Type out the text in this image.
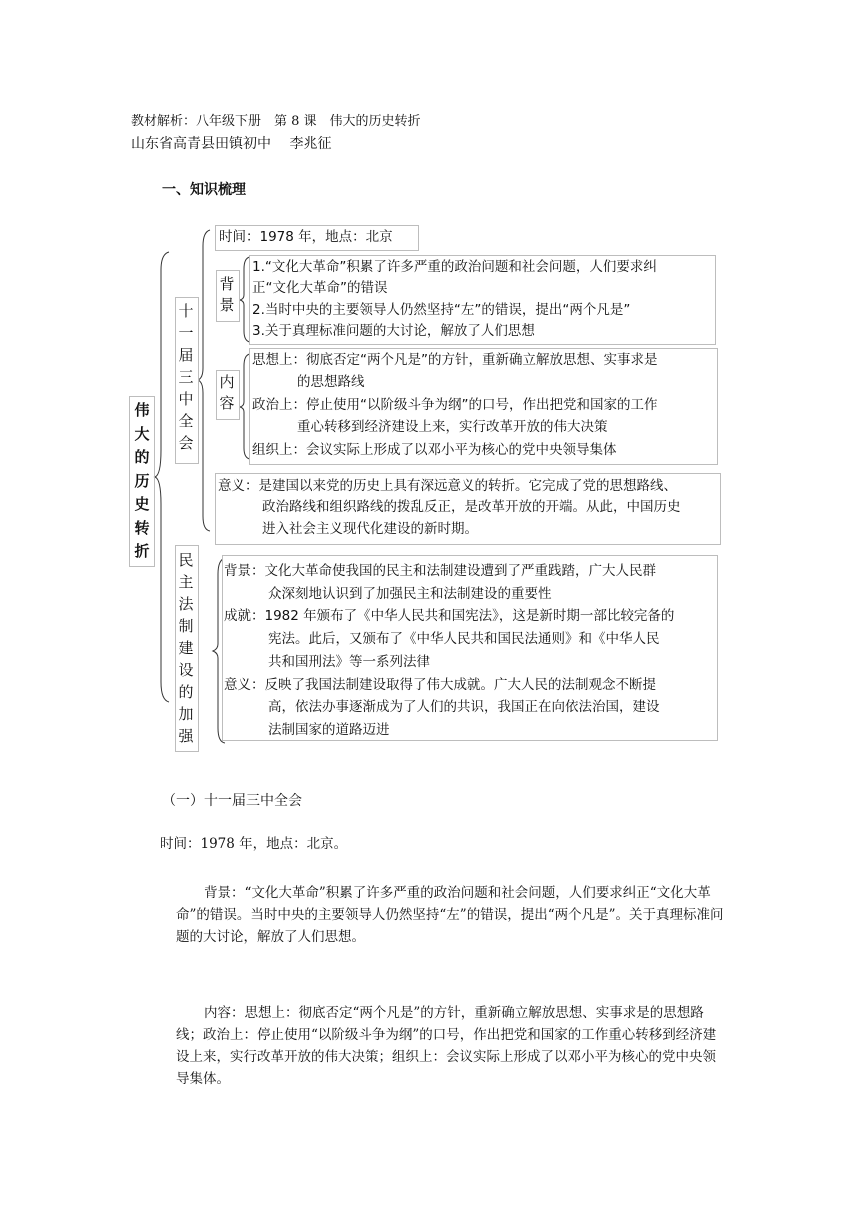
教材解析：八年级下册　第 8 课　伟大的历史转折
山东省高青县田镇初中　 李兆征
一、知识梳理
伟大的历史转折
十一届三中全会
时间：1978 年，地点：北京
背景
1.“文化大革命”积累了许多严重的政治问题和社会问题，人们要求纠
正“文化大革命”的错误
2.当时中央的主要领导人仍然坚持“左”的错误，提出“两个凡是”
3.关于真理标准问题的大讨论，解放了人们思想
内容
思想上：彻底否定“两个凡是”的方针，重新确立解放思想、实事求是
的思想路线
政治上：停止使用“以阶级斗争为纲”的口号，作出把党和国家的工作
重心转移到经济建设上来，实行改革开放的伟大决策
组织上：会议实际上形成了以邓小平为核心的党中央领导集体
意义：是建国以来党的历史上具有深远意义的转折。它完成了党的思想路线、
政治路线和组织路线的拨乱反正，是改革开放的开端。从此，中国历史
进入社会主义现代化建设的新时期。
民主法制建设的加强
背景：文化大革命使我国的民主和法制建设遭到了严重践踏，广大人民群
众深刻地认识到了加强民主和法制建设的重要性
成就：1982 年颁布了《中华人民共和国宪法》，这是新时期一部比较完备的
宪法。此后，又颁布了《中华人民共和国民法通则》和《中华人民
共和国刑法》等一系列法律
意义：反映了我国法制建设取得了伟大成就。广大人民的法制观念不断提
高，依法办事逐渐成为了人们的共识，我国正在向依法治国，建设
法制国家的道路迈进
（一）十一届三中全会
时间：1978 年，地点：北京。
背景：“文化大革命”积累了许多严重的政治问题和社会问题，人们要求纠正“文化大革命”的错误。当时中央的主要领导人仍然坚持“左”的错误，提出“两个凡是”。关于真理标准问题的大讨论，解放了人们思想。
内容：思想上：彻底否定“两个凡是”的方针，重新确立解放思想、实事求是的思想路线；政治上：停止使用“以阶级斗争为纲”的口号，作出把党和国家的工作重心转移到经济建设上来，实行改革开放的伟大决策；组织上：会议实际上形成了以邓小平为核心的党中央领导集体。
